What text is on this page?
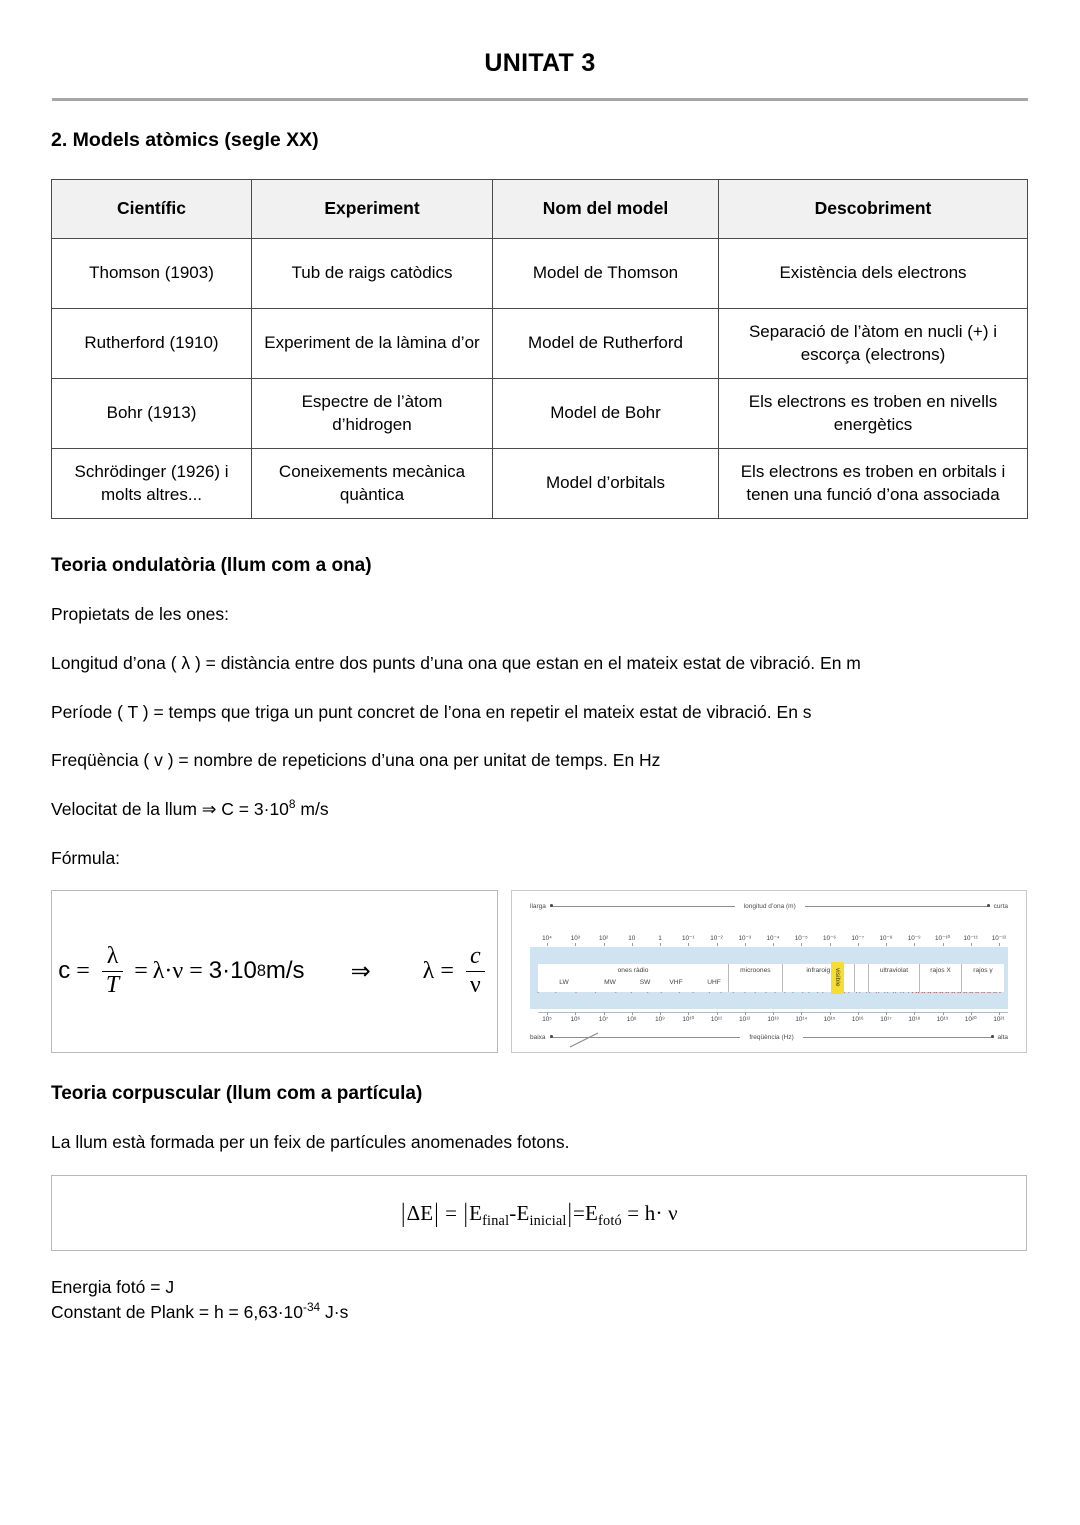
UNITAT 3
2. Models atòmics (segle XX)
Científic	Experiment	Nom del model	Descobriment
Thomson (1903)	Tub de raigs catòdics	Model de Thomson	Existència dels electrons
Rutherford (1910)	Experiment de la làmina d’or	Model de Rutherford	Separació de l’àtom en nucli (+) i escorça (electrons)
Bohr (1913)	Espectre de l’àtom d’hidrogen	Model de Bohr	Els electrons es troben en nivells energètics
Schrödinger (1926) i molts altres...	Coneixements mecànica quàntica	Model d’orbitals	Els electrons es troben en orbitals i tenen una funció d’ona associada
Teoria ondulatòria (llum com a ona)
Propietats de les ones:
Longitud d’ona ( λ ) = distància entre dos punts d’una ona que estan en el mateix estat de vibració. En m
Període ( T ) = temps que triga un punt concret de l’ona en repetir el mateix estat de vibració. En s
Freqüència ( v ) = nombre de repeticions d’una ona per unitat de temps. En Hz
Velocitat de la llum ⇒ $C = 3\cdot 10^8$ m/s
Fórmula:
$c = \frac{\lambda}{T} = \lambda\cdot\nu = 3\cdot 10$ 8 m/s ⇒ $\lambda = \frac{c}{\nu}$
llarga	longitud d’ona (m)	curta
10⁴	10³	10²	10	1	10⁻¹	10⁻²	10⁻³	10⁻⁴	10⁻⁵	10⁻⁶	10⁻⁷	10⁻⁸	10⁻⁹	10⁻¹⁰ 10⁻¹¹ 10⁻¹²
ones ràdio	microones	infraroig	ultraviolat	rajos X	rajos γ
LW	MW	SW	VHF	UHF	visible
10⁵	10⁶	10⁷	10⁸	10⁹	10¹⁰	10¹¹	10¹²	10¹³	10¹⁴	10¹⁵	10¹⁶	10¹⁷	10¹⁸	10¹⁹	10²⁰	10²¹
baixa	freqüència (Hz)	alta
Teoria corpuscular (llum com a partícula)
La llum està formada per un feix de partícules anomenades fotons.
$|\Delta E| = |E_{final}-E_{inicial}|=E_{fotó} = h\cdot \nu$
Energia fotó = J
Constant de Plank = $h = 6,63\cdot 10^{-34}$ J·s
